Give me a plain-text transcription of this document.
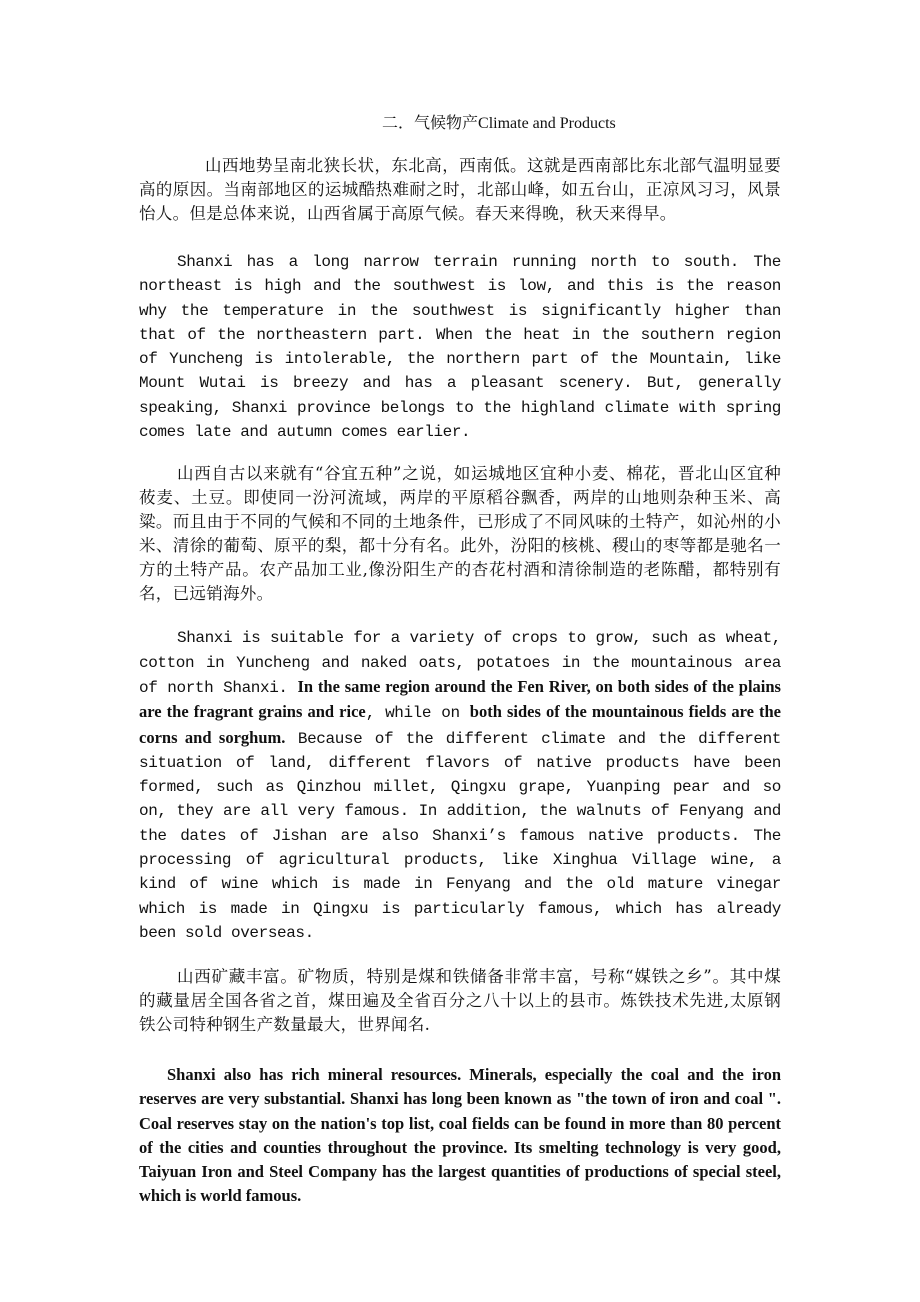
二．气候物产Climate and Products

山西地势呈南北狭长状，东北高，西南低。这就是西南部比东北部气温明显要高的原因。当南部地区的运城酷热难耐之时，北部山峰，如五台山，正凉风习习，风景怡人。但是总体来说，山西省属于高原气候。春天来得晚，秋天来得早。

Shanxi has a long narrow terrain running north to south. The northeast is high and the southwest is low, and this is the reason why the temperature in the southwest is significantly higher than that of the northeastern part. When the heat in the southern region of Yuncheng is intolerable, the northern part of the Mountain, like Mount Wutai is breezy and has a pleasant scenery. But, generally speaking, Shanxi province belongs to the highland climate with spring comes late and autumn comes earlier.

山西自古以来就有“谷宜五种”之说，如运城地区宜种小麦、棉花，晋北山区宜种莜麦、土豆。即使同一汾河流域，两岸的平原稻谷飘香，两岸的山地则杂种玉米、高粱。而且由于不同的气候和不同的土地条件，已形成了不同风味的土特产，如沁州的小米、清徐的葡萄、原平的梨，都十分有名。此外，汾阳的核桃、稷山的枣等都是驰名一方的土特产品。农产品加工业,像汾阳生产的杏花村酒和清徐制造的老陈醋，都特别有名，已远销海外。

Shanxi is suitable for a variety of crops to grow, such as wheat, cotton in Yuncheng and naked oats, potatoes in the mountainous area of north Shanxi. In the same region around the Fen River, on both sides of the plains are the fragrant grains and rice, while on both sides of the mountainous fields are the corns and sorghum. Because of the different climate and the different situation of land, different flavors of native products have been formed, such as Qinzhou millet, Qingxu grape, Yuanping pear and so on, they are all very famous. In addition, the walnuts of Fenyang and the dates of Jishan are also Shanxi’s famous native products. The processing of agricultural products, like Xinghua Village wine, a kind of wine which is made in Fenyang and the old mature vinegar which is made in Qingxu is particularly famous, which has already been sold overseas.

山西矿藏丰富。矿物质，特别是煤和铁储备非常丰富，号称“媒铁之乡”。其中煤的藏量居全国各省之首，煤田遍及全省百分之八十以上的县市。炼铁技术先进,太原钢铁公司特种钢生产数量最大，世界闻名.

Shanxi also has rich mineral resources. Minerals, especially the coal and the iron reserves are very substantial. Shanxi has long been known as "the town of iron and coal ". Coal reserves stay on the nation's top list, coal fields can be found in more than 80 percent of the cities and counties throughout the province. Its smelting technology is very good, Taiyuan Iron and Steel Company has the largest quantities of productions of special steel, which is world famous.
